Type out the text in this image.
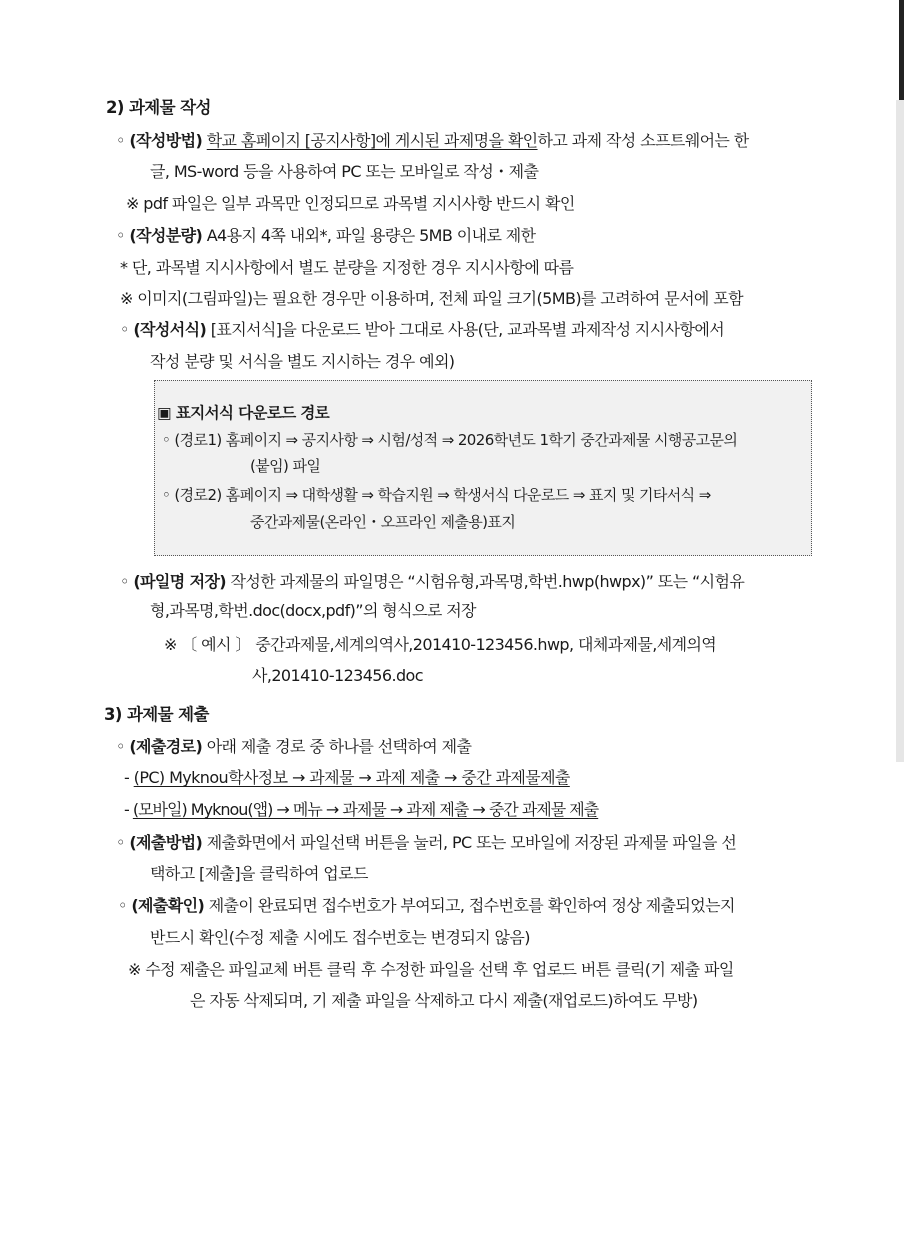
2) 과제물 작성
◦ (작성방법) 학교 홈페이지 [공지사항]에 게시된 과제명을 확인하고 과제 작성 소프트웨어는 한
글, MS-word 등을 사용하여 PC 또는 모바일로 작성・제출
※ pdf 파일은 일부 과목만 인정되므로 과목별 지시사항 반드시 확인
◦ (작성분량) A4용지 4쪽 내외*, 파일 용량은 5MB 이내로 제한
* 단, 과목별 지시사항에서 별도 분량을 지정한 경우 지시사항에 따름
※ 이미지(그림파일)는 필요한 경우만 이용하며, 전체 파일 크기(5MB)를 고려하여 문서에 포함
◦ (작성서식) [표지서식]을 다운로드 받아 그대로 사용(단, 교과목별 과제작성 지시사항에서
작성 분량 및 서식을 별도 지시하는 경우 예외)
▣ 표지서식 다운로드 경로
◦ (경로1) 홈페이지 ⇒ 공지사항 ⇒ 시험/성적 ⇒ 2026학년도 1학기 중간과제물 시행공고문의
(붙임) 파일
◦ (경로2) 홈페이지 ⇒ 대학생활 ⇒ 학습지원 ⇒ 학생서식 다운로드 ⇒ 표지 및 기타서식 ⇒
중간과제물(온라인・오프라인 제출용)표지
◦ (파일명 저장) 작성한 과제물의 파일명은 “시험유형,과목명,학번.hwp(hwpx)” 또는 “시험유
형,과목명,학번.doc(docx,pdf)”의 형식으로 저장
※ 〔 예시 〕 중간과제물,세계의역사,201410-123456.hwp, 대체과제물,세계의역
사,201410-123456.doc
3) 과제물 제출
◦ (제출경로) 아래 제출 경로 중 하나를 선택하여 제출
- (PC) Myknou학사정보 → 과제물 → 과제 제출 → 중간 과제물제출
- (모바일) Myknou(앱) → 메뉴 → 과제물 → 과제 제출 → 중간 과제물 제출
◦ (제출방법) 제출화면에서 파일선택 버튼을 눌러, PC 또는 모바일에 저장된 과제물 파일을 선
택하고 [제출]을 클릭하여 업로드
◦ (제출확인) 제출이 완료되면 접수번호가 부여되고, 접수번호를 확인하여 정상 제출되었는지
반드시 확인(수정 제출 시에도 접수번호는 변경되지 않음)
※ 수정 제출은 파일교체 버튼 클릭 후 수정한 파일을 선택 후 업로드 버튼 클릭(기 제출 파일
은 자동 삭제되며, 기 제출 파일을 삭제하고 다시 제출(재업로드)하여도 무방)
